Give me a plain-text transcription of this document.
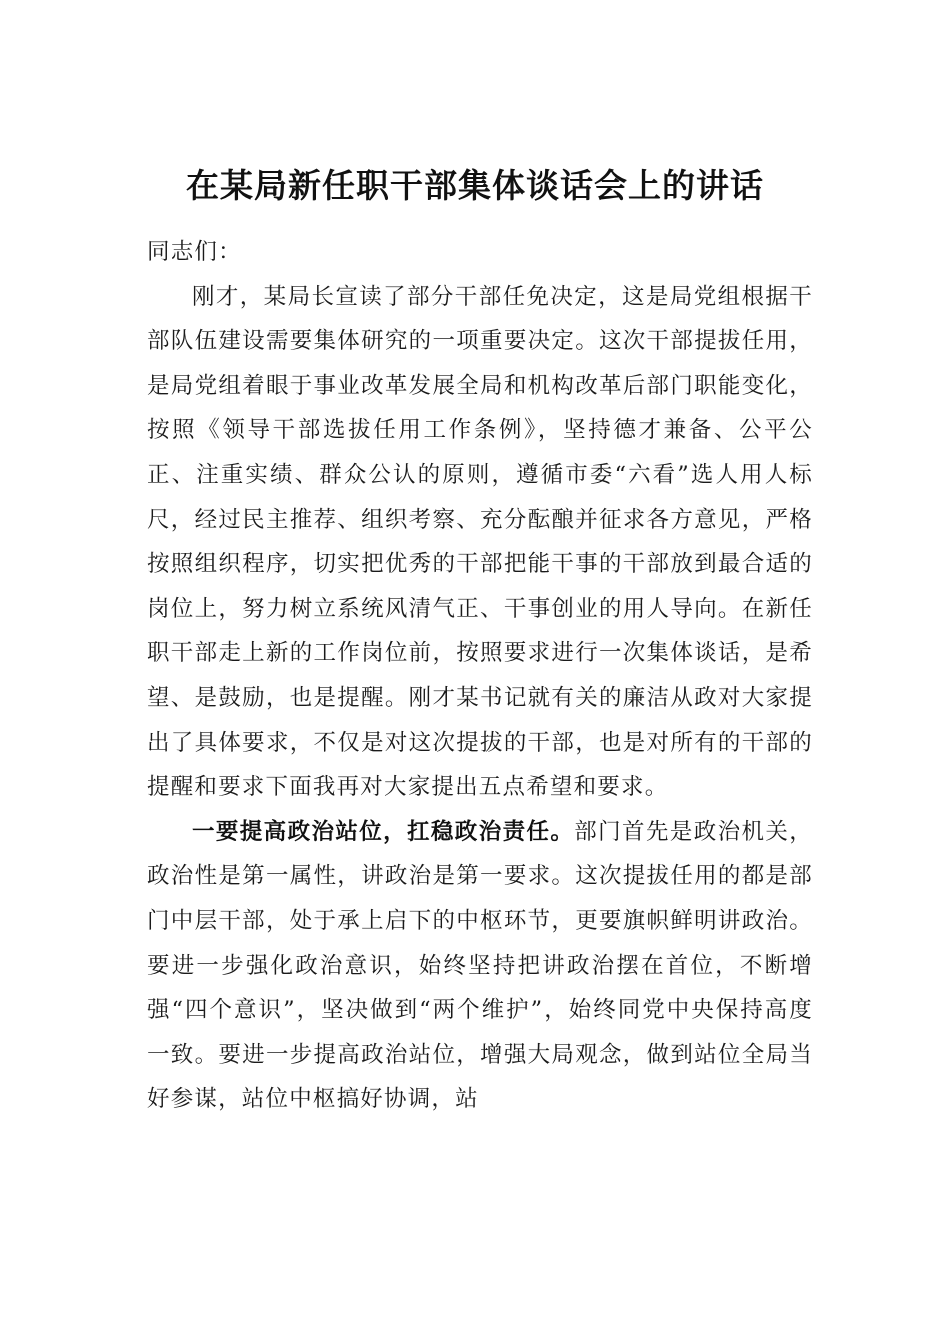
在某局新任职干部集体谈话会上的讲话

同志们：

刚才，某局长宣读了部分干部任免决定，这是局党组根据干部队伍建设需要集体研究的一项重要决定。这次干部提拔任用，是局党组着眼于事业改革发展全局和机构改革后部门职能变化，按照《领导干部选拔任用工作条例》，坚持德才兼备、公平公正、注重实绩、群众公认的原则，遵循市委“六看”选人用人标尺，经过民主推荐、组织考察、充分酝酿并征求各方意见，严格按照组织程序，切实把优秀的干部把能干事的干部放到最合适的岗位上，努力树立系统风清气正、干事创业的用人导向。在新任职干部走上新的工作岗位前，按照要求进行一次集体谈话，是希望、是鼓励，也是提醒。刚才某书记就有关的廉洁从政对大家提出了具体要求，不仅是对这次提拔的干部，也是对所有的干部的提醒和要求下面我再对大家提出五点希望和要求。

一要提高政治站位，扛稳政治责任。部门首先是政治机关，政治性是第一属性，讲政治是第一要求。这次提拔任用的都是部门中层干部，处于承上启下的中枢环节，更要旗帜鲜明讲政治。要进一步强化政治意识，始终坚持把讲政治摆在首位，不断增强“四个意识”，坚决做到“两个维护”，始终同党中央保持高度一致。要进一步提高政治站位，增强大局观念，做到站位全局当好参谋，站位中枢搞好协调，站
